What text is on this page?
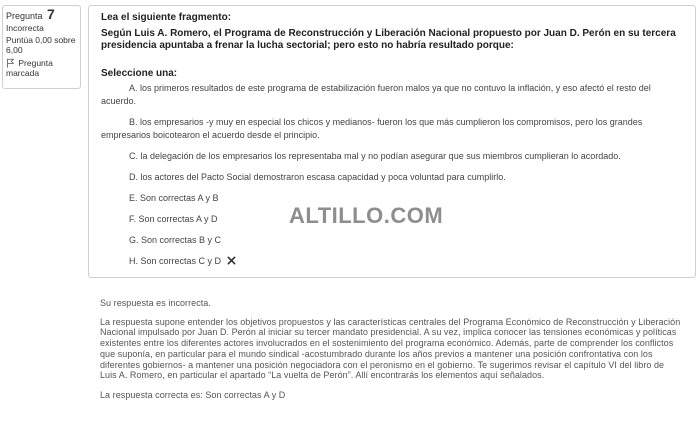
Pregunta 7
Incorrecta
Puntúa 0,00 sobre 6,00
Pregunta marcada
Lea el siguiente fragmento:
Según Luis A. Romero, el Programa de Reconstrucción y Liberación Nacional propuesto por Juan D. Perón en su tercera presidencia apuntaba a frenar la lucha sectorial; pero esto no habría resultado porque:
Seleccione una:
A. los primeros resultados de este programa de estabilización fueron malos ya que no contuvo la inflación, y eso afectó el resto del acuerdo.
B. los empresarios -y muy en especial los chicos y medianos- fueron los que más cumplieron los compromisos, pero los grandes empresarios boicotearon el acuerdo desde el principio.
C. la delegación de los empresarios los representaba mal y no podían asegurar que sus miembros cumplieran lo acordado.
D. los actores del Pacto Social demostraron escasa capacidad y poca voluntad para cumplirlo.
E. Son correctas A y B
F. Son correctas A y D
G. Son correctas B y C
H. Son correctas C y D
ALTILLO.COM

Su respuesta es incorrecta.

La respuesta supone entender los objetivos propuestos y las características centrales del Programa Económico de Reconstrucción y Liberación Nacional impulsado por Juan D. Perón al iniciar su tercer mandato presidencial. A su vez, implica conocer las tensiones económicas y políticas existentes entre los diferentes actores involucrados en el sostenimiento del programa económico. Además, parte de comprender los conflictos que suponía, en particular para el mundo sindical -acostumbrado durante los años previos a mantener una posición confrontativa con los diferentes gobiernos- a mantener una posición negociadora con el peronismo en el gobierno. Te sugerimos revisar el capítulo VI del libro de Luis A. Romero, en particular el apartado “La vuelta de Perón”. Allí encontrarás los elementos aquí señalados.

La respuesta correcta es: Son correctas A y D
